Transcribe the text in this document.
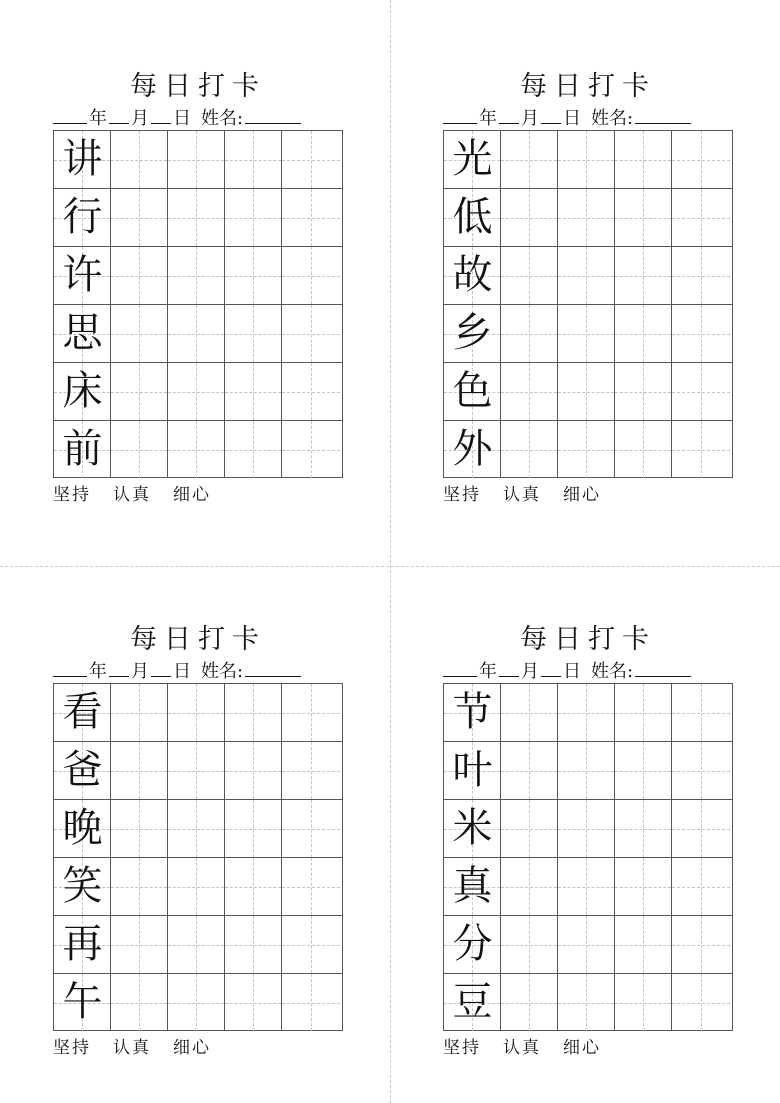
每日打卡
年 月 日 姓名:
讲
行
许
思
床
前
坚持 认真 细心
每日打卡
年 月 日 姓名:
光
低
故
乡
色
外
坚持 认真 细心
每日打卡
年 月 日 姓名:
看
爸
晚
笑
再
午
坚持 认真 细心
每日打卡
年 月 日 姓名:
节
叶
米
真
分
豆
坚持 认真 细心
